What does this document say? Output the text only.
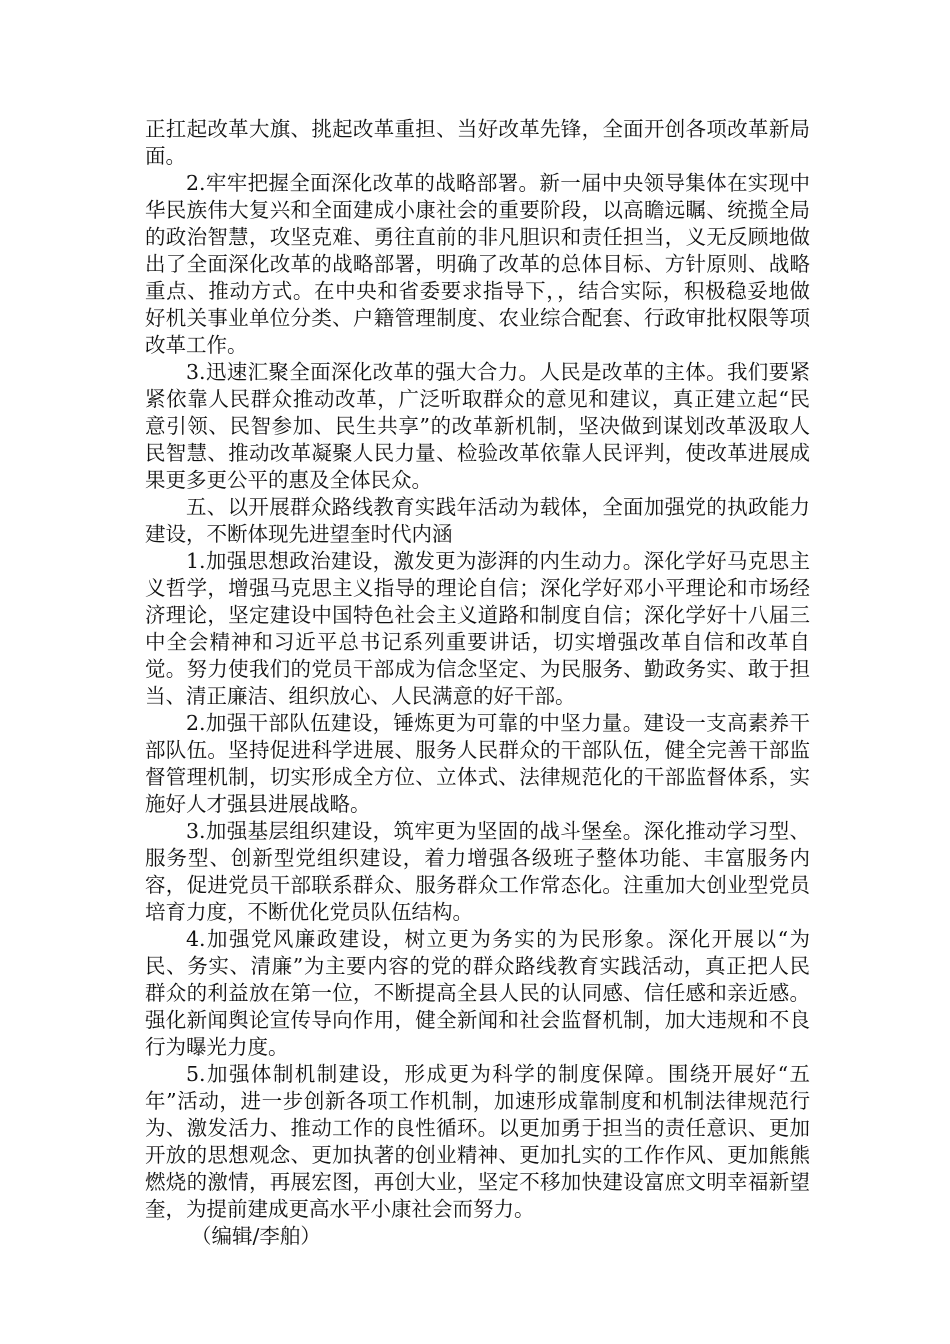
正扛起改革大旗、挑起改革重担、当好改革先锋，全面开创各项改革新局面。

2.牢牢把握全面深化改革的战略部署。新一届中央领导集体在实现中华民族伟大复兴和全面建成小康社会的重要阶段，以高瞻远瞩、统揽全局的政治智慧，攻坚克难、勇往直前的非凡胆识和责任担当，义无反顾地做出了全面深化改革的战略部署，明确了改革的总体目标、方针原则、战略重点、推动方式。在中央和省委要求指导下，，结合实际，积极稳妥地做好机关事业单位分类、户籍管理制度、农业综合配套、行政审批权限等项改革工作。

3.迅速汇聚全面深化改革的强大合力。人民是改革的主体。我们要紧紧依靠人民群众推动改革，广泛听取群众的意见和建议，真正建立起“民意引领、民智参加、民生共享”的改革新机制，坚决做到谋划改革汲取人民智慧、推动改革凝聚人民力量、检验改革依靠人民评判，使改革进展成果更多更公平的惠及全体民众。

五、以开展群众路线教育实践年活动为载体，全面加强党的执政能力建设，不断体现先进望奎时代内涵

1.加强思想政治建设，激发更为澎湃的内生动力。深化学好马克思主义哲学，增强马克思主义指导的理论自信；深化学好邓小平理论和市场经济理论，坚定建设中国特色社会主义道路和制度自信；深化学好十八届三中全会精神和习近平总书记系列重要讲话，切实增强改革自信和改革自觉。努力使我们的党员干部成为信念坚定、为民服务、勤政务实、敢于担当、清正廉洁、组织放心、人民满意的好干部。

2.加强干部队伍建设，锤炼更为可靠的中坚力量。建设一支高素养干部队伍。坚持促进科学进展、服务人民群众的干部队伍，健全完善干部监督管理机制，切实形成全方位、立体式、法律规范化的干部监督体系，实施好人才强县进展战略。

3.加强基层组织建设，筑牢更为坚固的战斗堡垒。深化推动学习型、服务型、创新型党组织建设，着力增强各级班子整体功能、丰富服务内容，促进党员干部联系群众、服务群众工作常态化。注重加大创业型党员培育力度，不断优化党员队伍结构。

4.加强党风廉政建设，树立更为务实的为民形象。深化开展以“为民、务实、清廉”为主要内容的党的群众路线教育实践活动，真正把人民群众的利益放在第一位，不断提高全县人民的认同感、信任感和亲近感。强化新闻舆论宣传导向作用，健全新闻和社会监督机制，加大违规和不良行为曝光力度。

5.加强体制机制建设，形成更为科学的制度保障。围绕开展好“五年”活动，进一步创新各项工作机制，加速形成靠制度和机制法律规范行为、激发活力、推动工作的良性循环。以更加勇于担当的责任意识、更加开放的思想观念、更加执著的创业精神、更加扎实的工作作风、更加熊熊燃烧的激情，再展宏图，再创大业，坚定不移加快建设富庶文明幸福新望奎，为提前建成更高水平小康社会而努力。

（编辑/李舶）
